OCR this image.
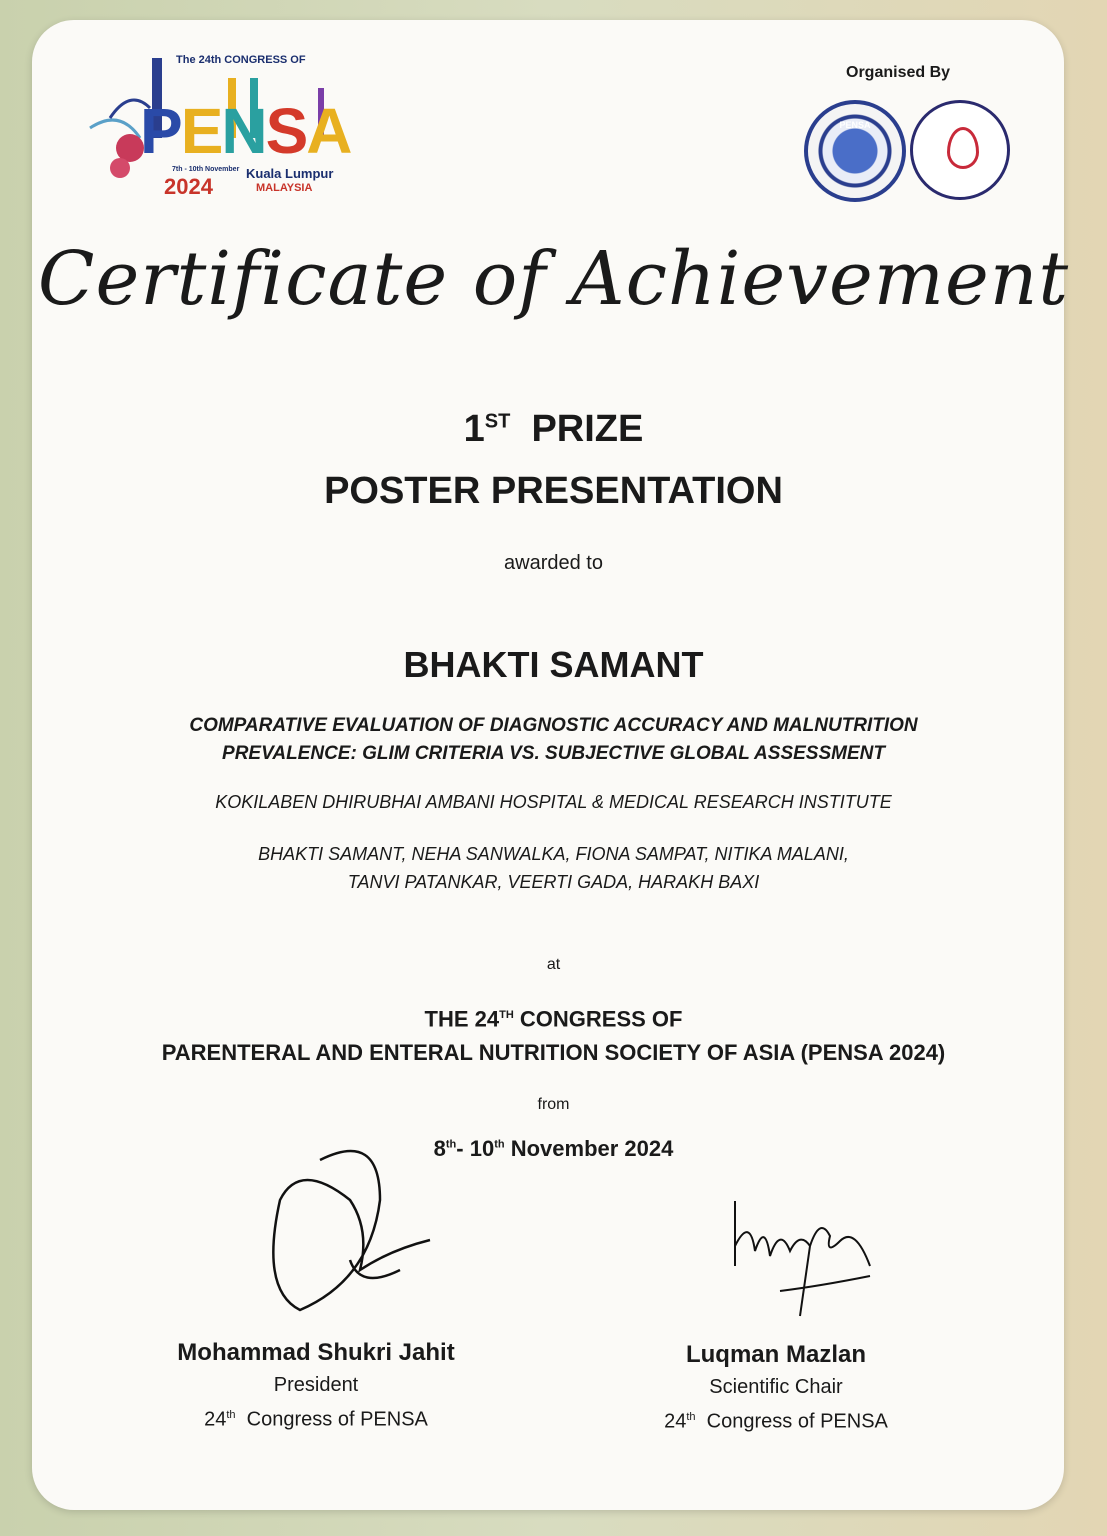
The 24th CONGRESS OF
PENSA
7th - 10th November
2024
Kuala Lumpur
MALAYSIA
Organised By
PENSA
Certificate of Achievement
1ST PRIZE
POSTER PRESENTATION
awarded to
BHAKTI SAMANT
COMPARATIVE EVALUATION OF DIAGNOSTIC ACCURACY AND MALNUTRITION
PREVALENCE: GLIM CRITERIA VS. SUBJECTIVE GLOBAL ASSESSMENT
KOKILABEN DHIRUBHAI AMBANI HOSPITAL & MEDICAL RESEARCH INSTITUTE
BHAKTI SAMANT, NEHA SANWALKA, FIONA SAMPAT, NITIKA MALANI,
TANVI PATANKAR, VEERTI GADA, HARAKH BAXI
at
THE 24TH CONGRESS OF
PARENTERAL AND ENTERAL NUTRITION SOCIETY OF ASIA (PENSA 2024)
from
8th- 10th November 2024
Mohammad Shukri Jahit
President
24th  Congress of PENSA
Luqman Mazlan
Scientific Chair
24th  Congress of PENSA
